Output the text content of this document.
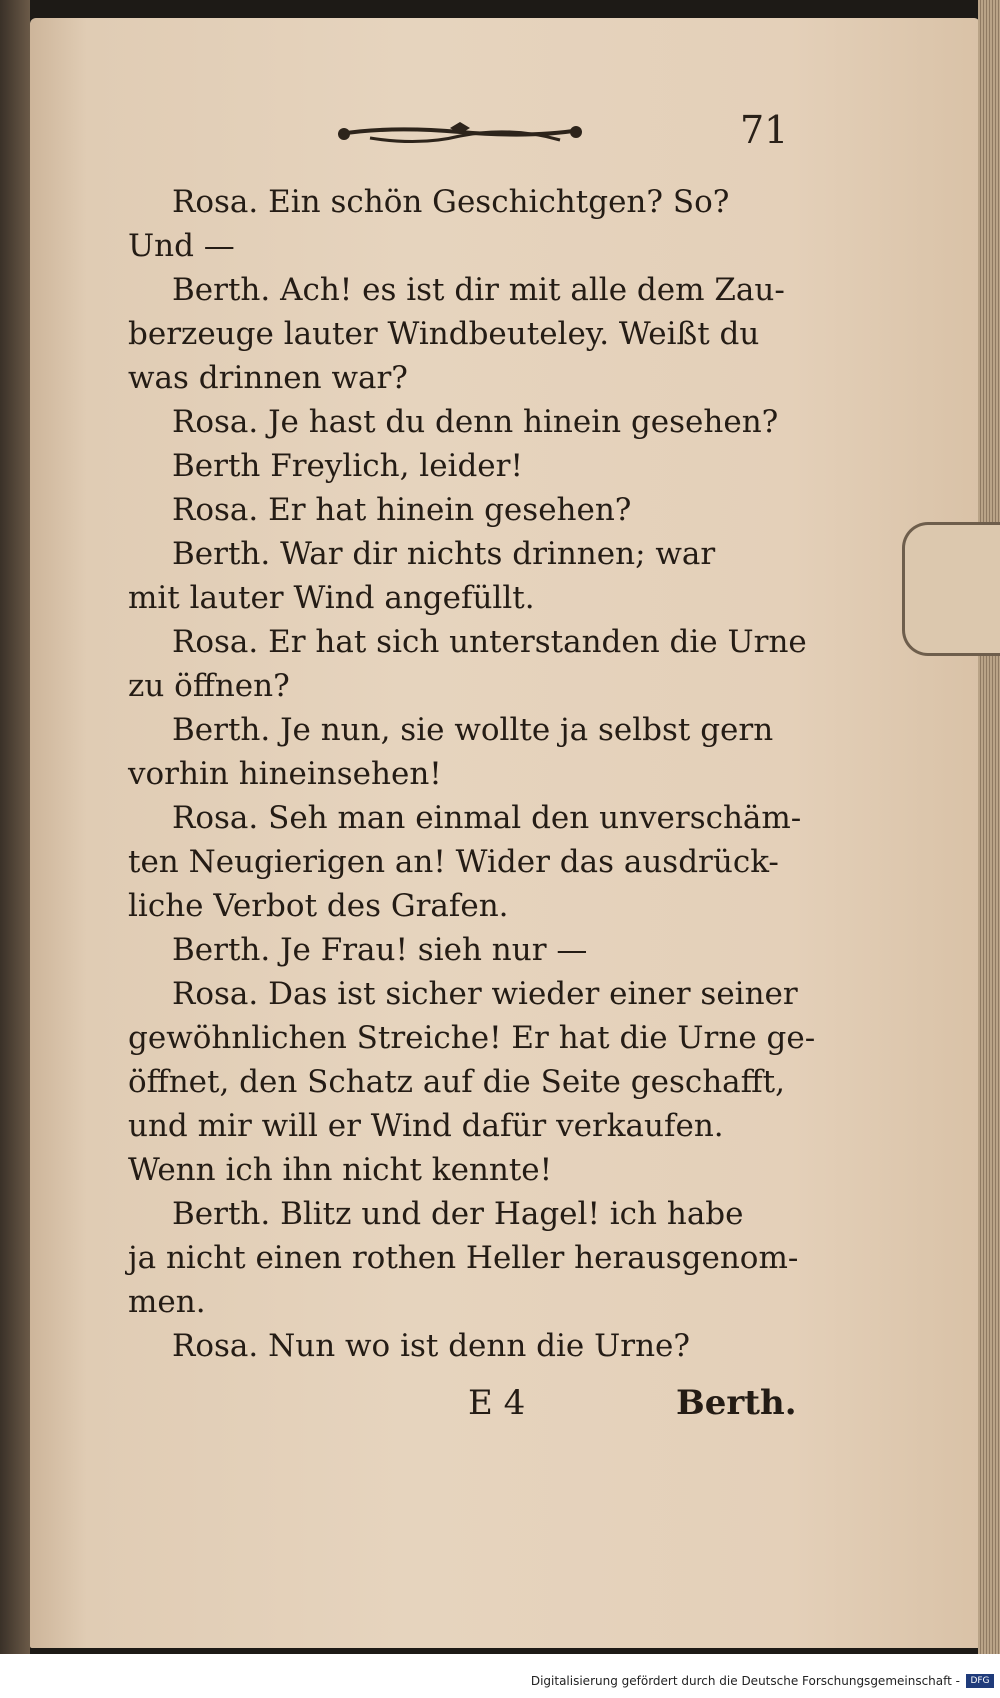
71
Rosa. Ein schön Geschichtgen? So?
Und —
Berth. Ach! es ist dir mit alle dem Zau-
berzeuge lauter Windbeuteley. Weißt du
was drinnen war?
Rosa. Je hast du denn hinein gesehen?
Berth Freylich, leider!
Rosa. Er hat hinein gesehen?
Berth. War dir nichts drinnen; war
mit lauter Wind angefüllt.
Rosa. Er hat sich unterstanden die Urne
zu öffnen?
Berth. Je nun, sie wollte ja selbst gern
vorhin hineinsehen!
Rosa. Seh man einmal den unverschäm-
ten Neugierigen an! Wider das ausdrück-
liche Verbot des Grafen.
Berth. Je Frau! sieh nur —
Rosa. Das ist sicher wieder einer seiner
gewöhnlichen Streiche! Er hat die Urne ge-
öffnet, den Schatz auf die Seite geschafft,
und mir will er Wind dafür verkaufen.
Wenn ich ihn nicht kennte!
Berth. Blitz und der Hagel! ich habe
ja nicht einen rothen Heller herausgenom-
men.
Rosa. Nun wo ist denn die Urne?
E 4	Berth.
Digitalisierung gefördert durch die Deutsche Forschungsgemeinschaft -	DFG
